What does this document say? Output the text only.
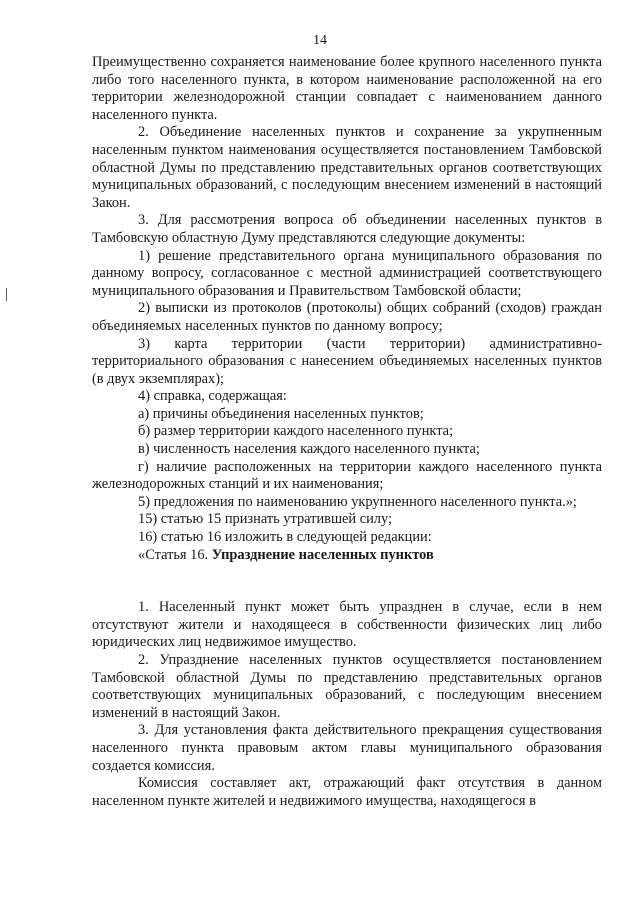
14

Преимущественно сохраняется наименование более крупного населенного пункта либо того населенного пункта, в котором наименование расположенной на его территории железнодорожной станции совпадает с наименованием данного населенного пункта.

2. Объединение населенных пунктов и сохранение за укрупненным населенным пунктом наименования осуществляется постановлением Тамбовской областной Думы по представлению представительных органов соответствующих муниципальных образований, с последующим внесением изменений в настоящий Закон.

3. Для рассмотрения вопроса об объединении населенных пунктов в Тамбовскую областную Думу представляются следующие документы:

1) решение представительного органа муниципального образования по данному вопросу, согласованное с местной администрацией соответствующего муниципального образования и Правительством Тамбовской области;

2) выписки из протоколов (протоколы) общих собраний (сходов) граждан объединяемых населенных пунктов по данному вопросу;

3) карта территории (части территории) административно-территориального образования с нанесением объединяемых населенных пунктов (в двух экземплярах);

4) справка, содержащая:

а) причины объединения населенных пунктов;

б) размер территории каждого населенного пункта;

в) численность населения каждого населенного пункта;

г) наличие расположенных на территории каждого населенного пункта железнодорожных станций и их наименования;

5) предложения по наименованию укрупненного населенного пункта.»;

15) статью 15 признать утратившей силу;

16) статью 16 изложить в следующей редакции:

«Статья 16. Упразднение населенных пунктов

1. Населенный пункт может быть упразднен в случае, если в нем отсутствуют жители и находящееся в собственности физических лиц либо юридических лиц недвижимое имущество.

2. Упразднение населенных пунктов осуществляется постановлением Тамбовской областной Думы по представлению представительных органов соответствующих муниципальных образований, с последующим внесением изменений в настоящий Закон.

3. Для установления факта действительного прекращения существования населенного пункта правовым актом главы муниципального образования создается комиссия.

Комиссия составляет акт, отражающий факт отсутствия в данном населенном пункте жителей и недвижимого имущества, находящегося в
